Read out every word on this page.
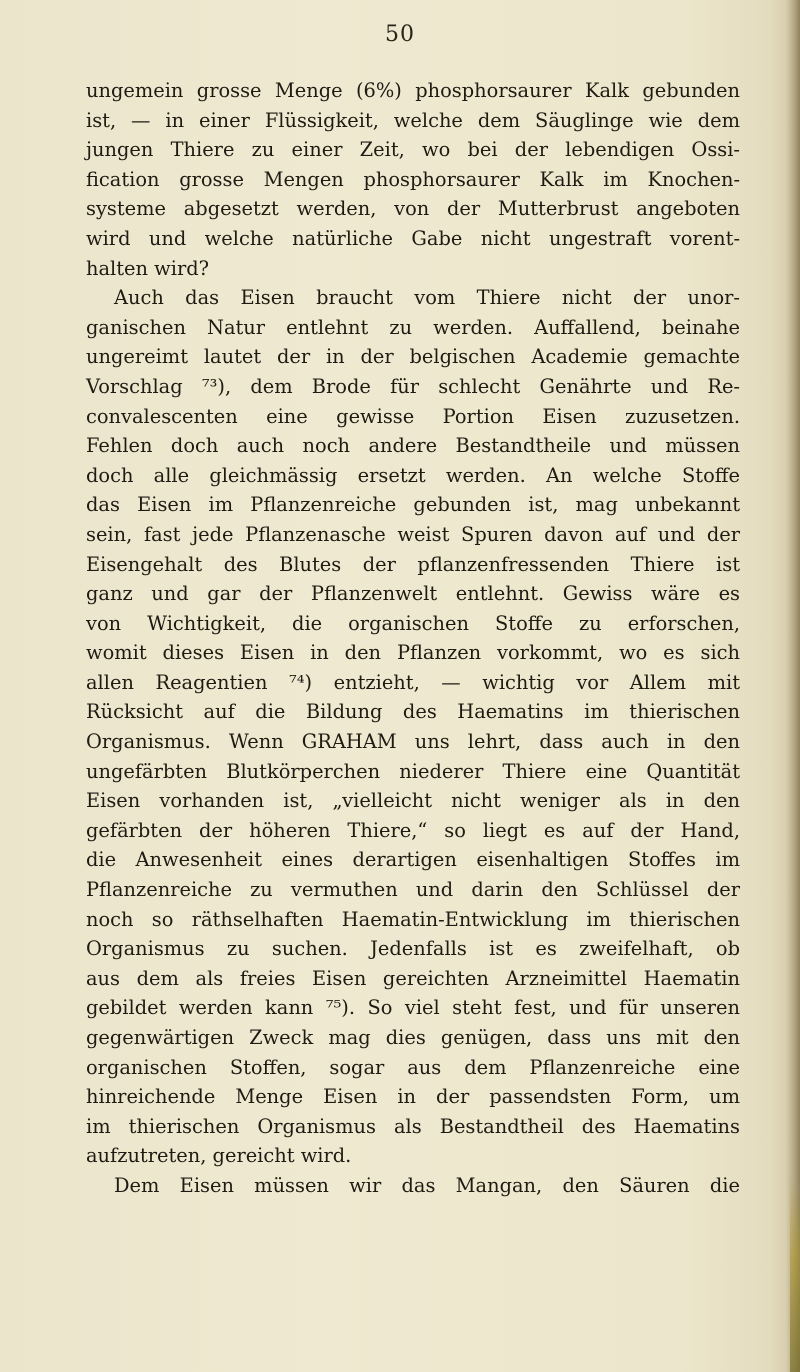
50
ungemein grosse Menge (6%) phosphorsaurer Kalk gebunden
ist, — in einer Flüssigkeit, welche dem Säuglinge wie dem
jungen Thiere zu einer Zeit, wo bei der lebendigen Ossi-
fication grosse Mengen phosphorsaurer Kalk im Knochen-
systeme abgesetzt werden, von der Mutterbrust angeboten
wird und welche natürliche Gabe nicht ungestraft vorent-
halten wird?
Auch das Eisen braucht vom Thiere nicht der unor-
ganischen Natur entlehnt zu werden. Auffallend, beinahe
ungereimt lautet der in der belgischen Academie gemachte
Vorschlag ⁷³), dem Brode für schlecht Genährte und Re-
convalescenten eine gewisse Portion Eisen zuzusetzen.
Fehlen doch auch noch andere Bestandtheile und müssen
doch alle gleichmässig ersetzt werden. An welche Stoffe
das Eisen im Pflanzenreiche gebunden ist, mag unbekannt
sein, fast jede Pflanzenasche weist Spuren davon auf und der
Eisengehalt des Blutes der pflanzenfressenden Thiere ist
ganz und gar der Pflanzenwelt entlehnt. Gewiss wäre es
von Wichtigkeit, die organischen Stoffe zu erforschen,
womit dieses Eisen in den Pflanzen vorkommt, wo es sich
allen Reagentien ⁷⁴) entzieht, — wichtig vor Allem mit
Rücksicht auf die Bildung des Haematins im thierischen
Organismus. Wenn GRAHAM uns lehrt, dass auch in den
ungefärbten Blutkörperchen niederer Thiere eine Quantität
Eisen vorhanden ist, „vielleicht nicht weniger als in den
gefärbten der höheren Thiere,“ so liegt es auf der Hand,
die Anwesenheit eines derartigen eisenhaltigen Stoffes im
Pflanzenreiche zu vermuthen und darin den Schlüssel der
noch so räthselhaften Haematin-Entwicklung im thierischen
Organismus zu suchen. Jedenfalls ist es zweifelhaft, ob
aus dem als freies Eisen gereichten Arzneimittel Haematin
gebildet werden kann ⁷⁵). So viel steht fest, und für unseren
gegenwärtigen Zweck mag dies genügen, dass uns mit den
organischen Stoffen, sogar aus dem Pflanzenreiche eine
hinreichende Menge Eisen in der passendsten Form, um
im thierischen Organismus als Bestandtheil des Haematins
aufzutreten, gereicht wird.
Dem Eisen müssen wir das Mangan, den Säuren die
